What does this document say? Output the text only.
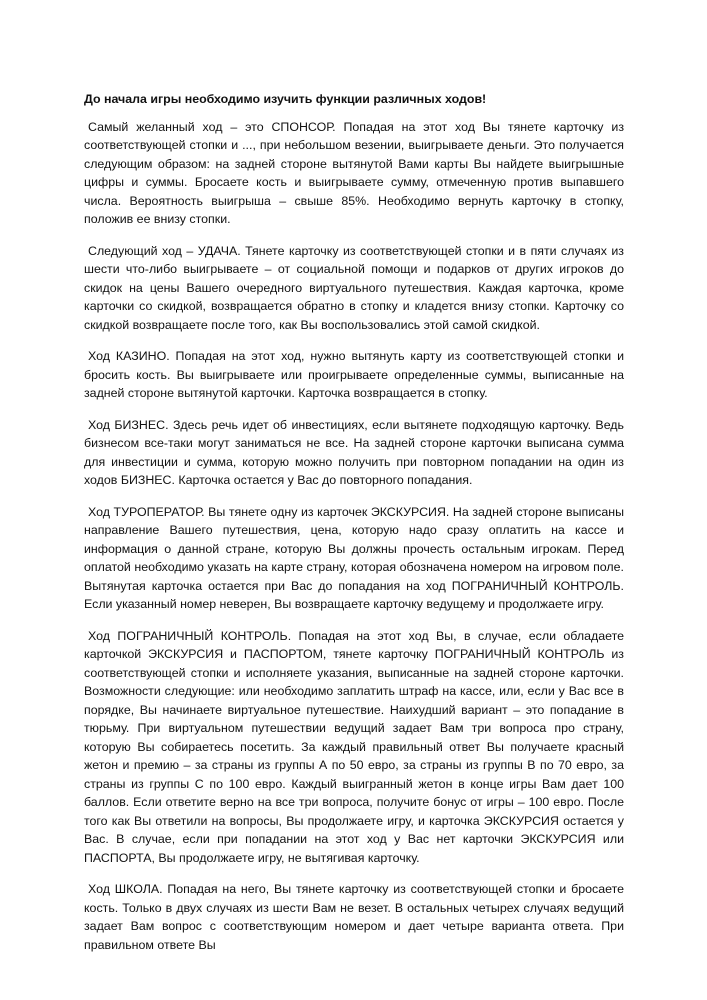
До начала игры необходимо изучить функции различных ходов!
Самый желанный ход – это СПОНСОР. Попадая на этот ход Вы тянете карточку из соответствующей стопки и ..., при небольшом везении, выигрываете деньги. Это получается следующим образом: на задней стороне вытянутой Вами карты Вы найдете выигрышные цифры и суммы. Бросаете кость и выигрываете сумму, отмеченную против выпавшего числа. Вероятность выигрыша – свыше 85%. Необходимо вернуть карточку в стопку, положив ее внизу стопки.
Следующий ход – УДАЧА. Тянете карточку из соответствующей стопки и в пяти случаях из шести что-либо выигрываете – от социальной помощи и подарков от других игроков до скидок на цены Вашего очередного виртуального путешествия. Каждая карточка, кроме карточки со скидкой, возвращается обратно в стопку и кладется внизу стопки. Карточку со скидкой возвращаете после того, как Вы воспользовались этой самой скидкой.
Ход КАЗИНО. Попадая на этот ход, нужно вытянуть карту из соответствующей стопки и бросить кость. Вы выигрываете или проигрываете определенные суммы, выписанные на задней стороне вытянутой карточки. Карточка возвращается в стопку.
Ход БИЗНЕС. Здесь речь идет об инвестициях, если вытянете подходящую карточку. Ведь бизнесом все-таки могут заниматься не все. На задней стороне карточки выписана сумма для инвестиции и сумма, которую можно получить при повторном попадании на один из ходов БИЗНЕС. Карточка остается у Вас до повторного попадания.
Ход ТУРОПЕРАТОР. Вы тянете одну из карточек ЭКСКУРСИЯ. На задней стороне выписаны направление Вашего путешествия, цена, которую надо сразу оплатить на кассе и информация о данной стране, которую Вы должны прочесть остальным игрокам. Перед оплатой необходимо указать на карте страну, которая обозначена номером на игровом поле. Вытянутая карточка остается при Вас до попадания на ход ПОГРАНИЧНЫЙ КОНТРОЛЬ. Если указанный номер неверен, Вы возвращаете карточку ведущему и продолжаете игру.
Ход ПОГРАНИЧНЫЙ КОНТРОЛЬ. Попадая на этот ход Вы, в случае, если обладаете карточкой ЭКСКУРСИЯ и ПАСПОРТОМ, тянете карточку ПОГРАНИЧНЫЙ КОНТРОЛЬ из соответствующей стопки и исполняете указания, выписанные на задней стороне карточки. Возможности следующие: или необходимо заплатить штраф на кассе, или, если у Вас все в порядке, Вы начинаете виртуальное путешествие. Наихудший вариант – это попадание в тюрьму. При виртуальном путешествии ведущий задает Вам три вопроса про страну, которую Вы собираетесь посетить. За каждый правильный ответ Вы получаете красный жетон и премию – за страны из группы А по 50 евро, за страны из группы В по 70 евро, за страны из группы С по 100 евро. Каждый выигранный жетон в конце игры Вам дает 100 баллов. Если ответите верно на все три вопроса, получите бонус от игры – 100 евро. После того как Вы ответили на вопросы, Вы продолжаете игру, и карточка ЭКСКУРСИЯ остается у Вас. В случае, если при попадании на этот ход у Вас нет карточки ЭКСКУРСИЯ или ПАСПОРТА, Вы продолжаете игру, не вытягивая карточку.
Ход ШКОЛА. Попадая на него, Вы тянете карточку из соответствующей стопки и бросаете кость. Только в двух случаях из шести Вам не везет. В остальных четырех случаях ведущий задает Вам вопрос с соответствующим номером и дает четыре варианта ответа. При правильном ответе Вы
